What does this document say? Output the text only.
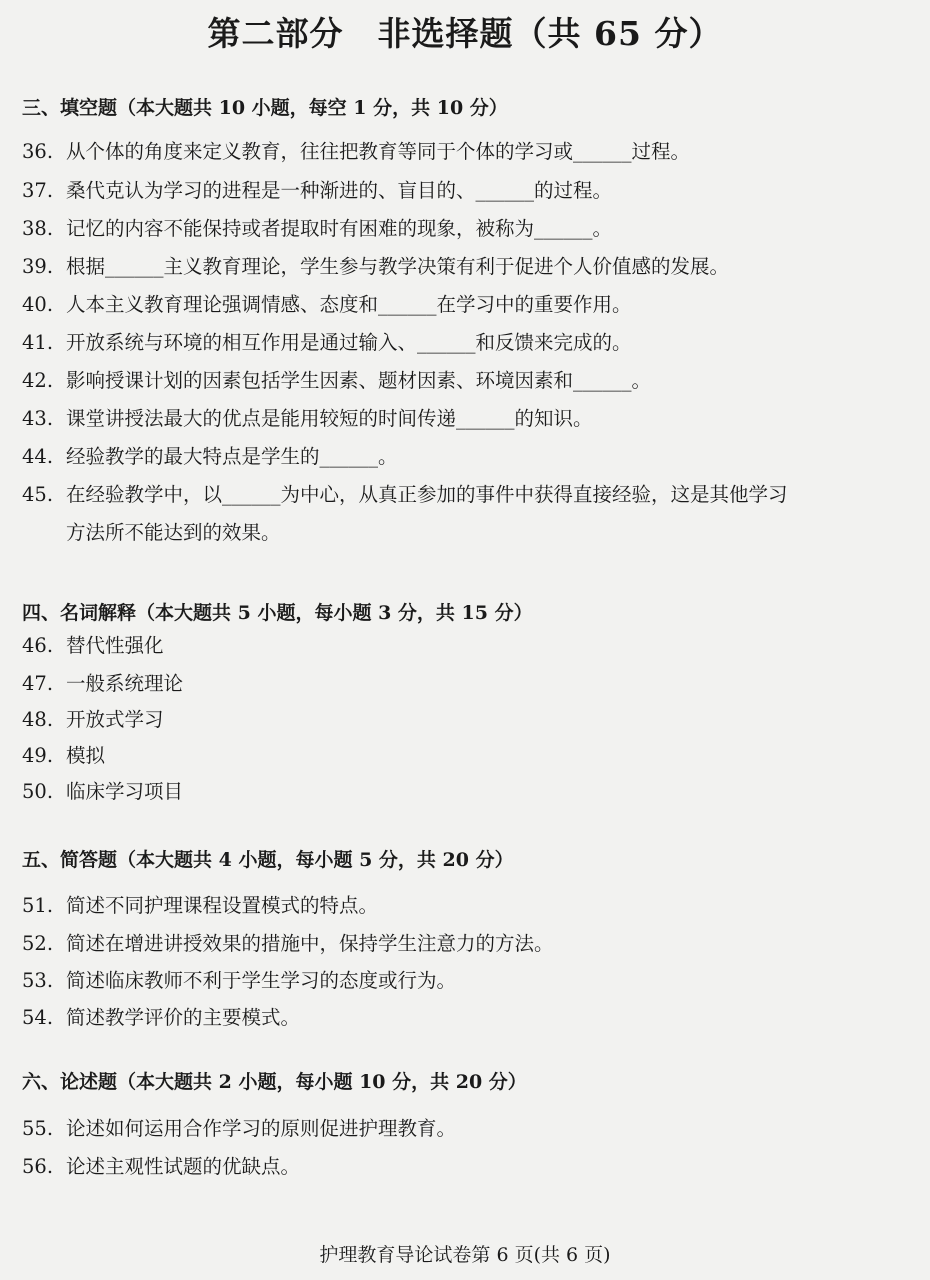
第二部分　非选择题（共 65 分）
三、填空题（本大题共 10 小题，每空 1 分，共 10 分）
36. 从个体的角度来定义教育，往往把教育等同于个体的学习或______过程。
37. 桑代克认为学习的进程是一种渐进的、盲目的、______的过程。
38. 记忆的内容不能保持或者提取时有困难的现象，被称为______。
39. 根据______主义教育理论，学生参与教学决策有利于促进个人价值感的发展。
40. 人本主义教育理论强调情感、态度和______在学习中的重要作用。
41. 开放系统与环境的相互作用是通过输入、______和反馈来完成的。
42. 影响授课计划的因素包括学生因素、题材因素、环境因素和______。
43. 课堂讲授法最大的优点是能用较短的时间传递______的知识。
44. 经验教学的最大特点是学生的______。
45. 在经验教学中，以______为中心，从真正参加的事件中获得直接经验，这是其他学习
方法所不能达到的效果。
四、名词解释（本大题共 5 小题，每小题 3 分，共 15 分）
46. 替代性强化
47. 一般系统理论
48. 开放式学习
49. 模拟
50. 临床学习项目
五、简答题（本大题共 4 小题，每小题 5 分，共 20 分）
51. 简述不同护理课程设置模式的特点。
52. 简述在增进讲授效果的措施中，保持学生注意力的方法。
53. 简述临床教师不利于学生学习的态度或行为。
54. 简述教学评价的主要模式。
六、论述题（本大题共 2 小题，每小题 10 分，共 20 分）
55. 论述如何运用合作学习的原则促进护理教育。
56. 论述主观性试题的优缺点。
护理教育导论试卷第 6 页(共 6 页)
